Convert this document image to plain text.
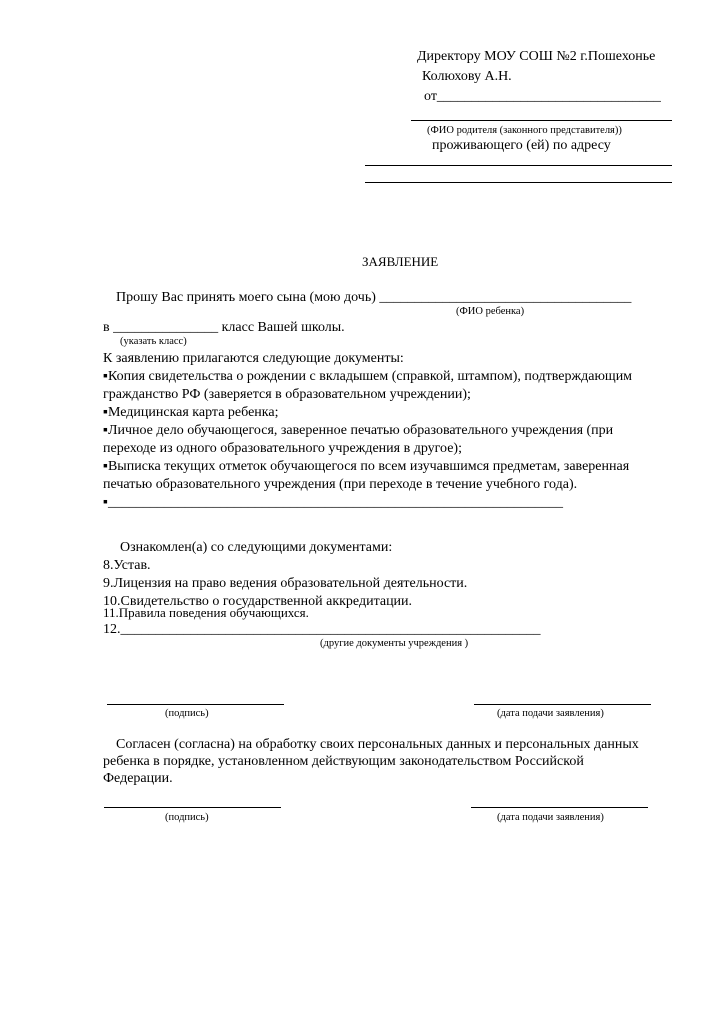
Директору МОУ СОШ №2 г.Пошехонье
Колюхову А.Н.
от________________________________
(ФИО родителя (законного представителя))
проживающего (ей) по адресу
ЗАЯВЛЕНИЕ
Прошу Вас принять моего сына (мою дочь) ____________________________________
(ФИО ребенка)
в _______________ класс Вашей школы.
(указать класс)
К заявлению прилагаются следующие документы:
▪Копия свидетельства о рождении с вкладышем (справкой, штампом), подтверждающим
гражданство РФ (заверяется в образовательном учреждении);
▪Медицинская карта ребенка;
▪Личное дело обучающегося, заверенное печатью образовательного учреждения (при
переходе из одного образовательного учреждения в другое);
▪Выписка текущих отметок обучающегося по всем изучавшимся предметам, заверенная
печатью образовательного учреждения (при переходе в течение учебного года).
▪_________________________________________________________________
Ознакомлен(а) со следующими документами:
8.Устав.
9.Лицензия на право ведения образовательной деятельности.
10.Свидетельство о государственной аккредитации.
11.Правила поведения обучающихся.
12.____________________________________________________________
(другие документы учреждения )
(подпись)	(дата подачи заявления)
Согласен (согласна) на обработку своих персональных данных и персональных данных
ребенка в порядке, установленном действующим законодательством Российской
Федерации.
(подпись)	(дата подачи заявления)
